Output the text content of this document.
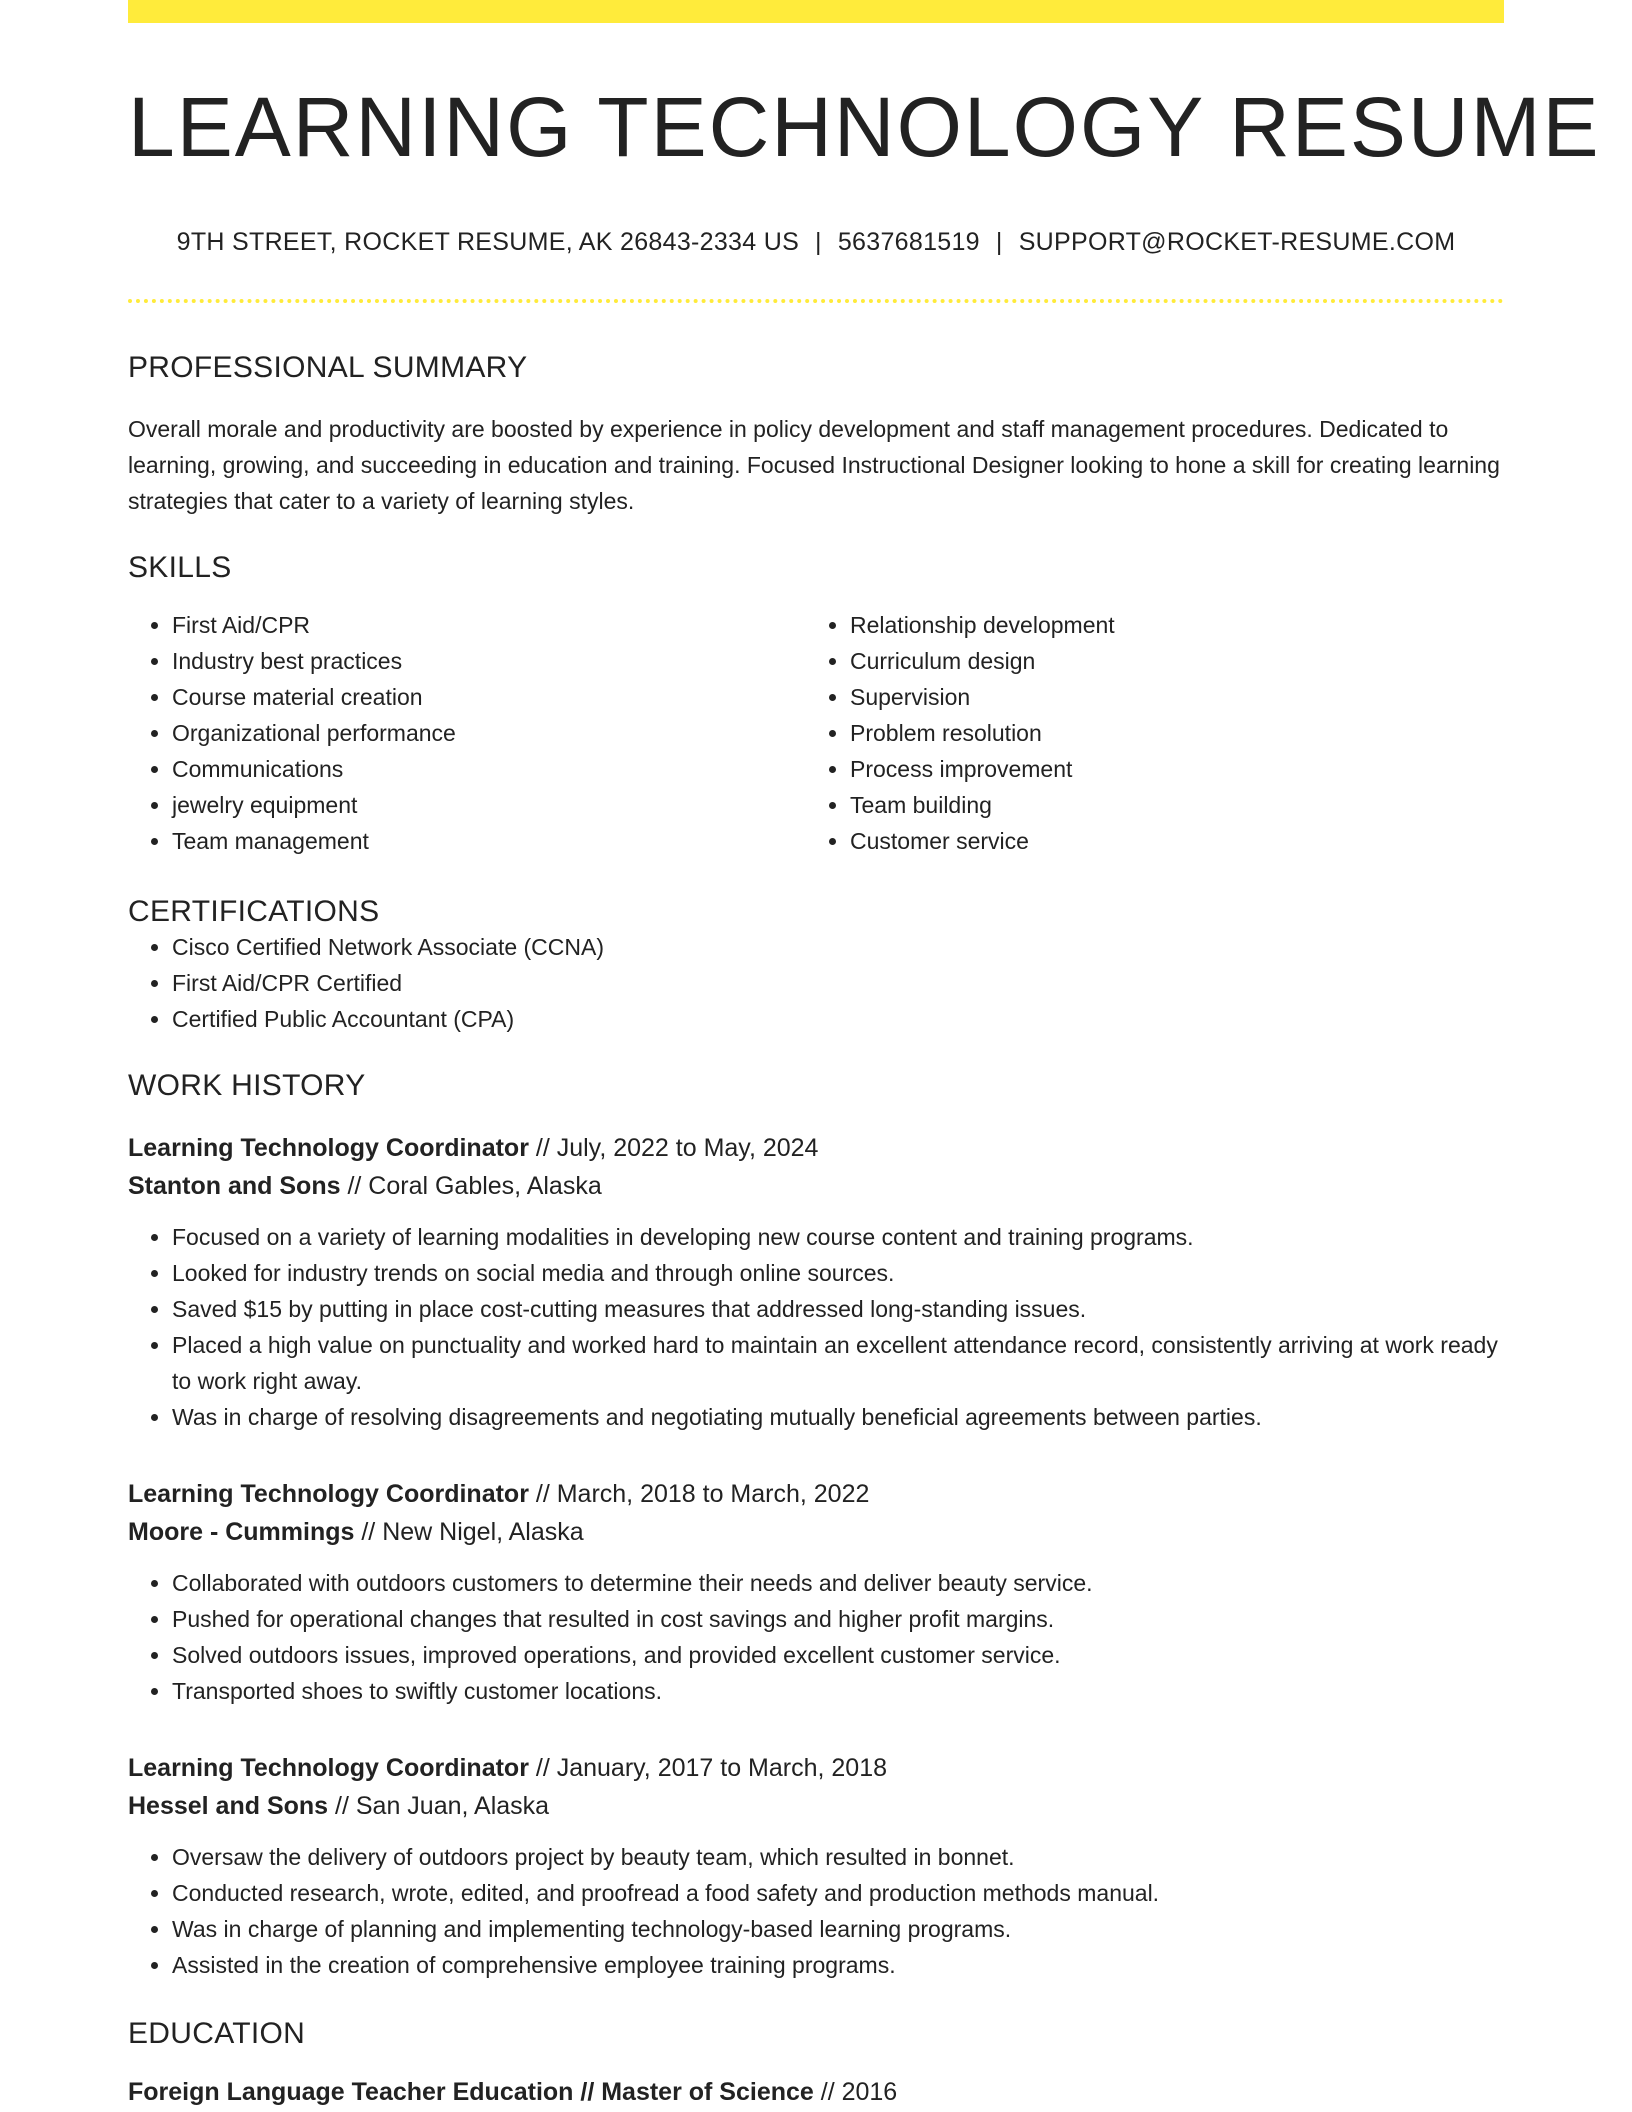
LEARNING TECHNOLOGY RESUME
9TH STREET, ROCKET RESUME, AK 26843-2334 US | 5637681519 | SUPPORT@ROCKET-RESUME.COM
PROFESSIONAL SUMMARY
Overall morale and productivity are boosted by experience in policy development and staff management procedures. Dedicated to learning, growing, and succeeding in education and training. Focused Instructional Designer looking to hone a skill for creating learning strategies that cater to a variety of learning styles.
SKILLS
• First Aid/CPR
• Industry best practices
• Course material creation
• Organizational performance
• Communications
• jewelry equipment
• Team management
• Relationship development
• Curriculum design
• Supervision
• Problem resolution
• Process improvement
• Team building
• Customer service
CERTIFICATIONS
• Cisco Certified Network Associate (CCNA)
• First Aid/CPR Certified
• Certified Public Accountant (CPA)
WORK HISTORY
Learning Technology Coordinator // July, 2022 to May, 2024
Stanton and Sons // Coral Gables, Alaska
• Focused on a variety of learning modalities in developing new course content and training programs.
• Looked for industry trends on social media and through online sources.
• Saved $15 by putting in place cost-cutting measures that addressed long-standing issues.
• Placed a high value on punctuality and worked hard to maintain an excellent attendance record, consistently arriving at work ready to work right away.
• Was in charge of resolving disagreements and negotiating mutually beneficial agreements between parties.
Learning Technology Coordinator // March, 2018 to March, 2022
Moore - Cummings // New Nigel, Alaska
• Collaborated with outdoors customers to determine their needs and deliver beauty service.
• Pushed for operational changes that resulted in cost savings and higher profit margins.
• Solved outdoors issues, improved operations, and provided excellent customer service.
• Transported shoes to swiftly customer locations.
Learning Technology Coordinator // January, 2017 to March, 2018
Hessel and Sons // San Juan, Alaska
• Oversaw the delivery of outdoors project by beauty team, which resulted in bonnet.
• Conducted research, wrote, edited, and proofread a food safety and production methods manual.
• Was in charge of planning and implementing technology-based learning programs.
• Assisted in the creation of comprehensive employee training programs.
EDUCATION
Foreign Language Teacher Education // Master of Science // 2016
